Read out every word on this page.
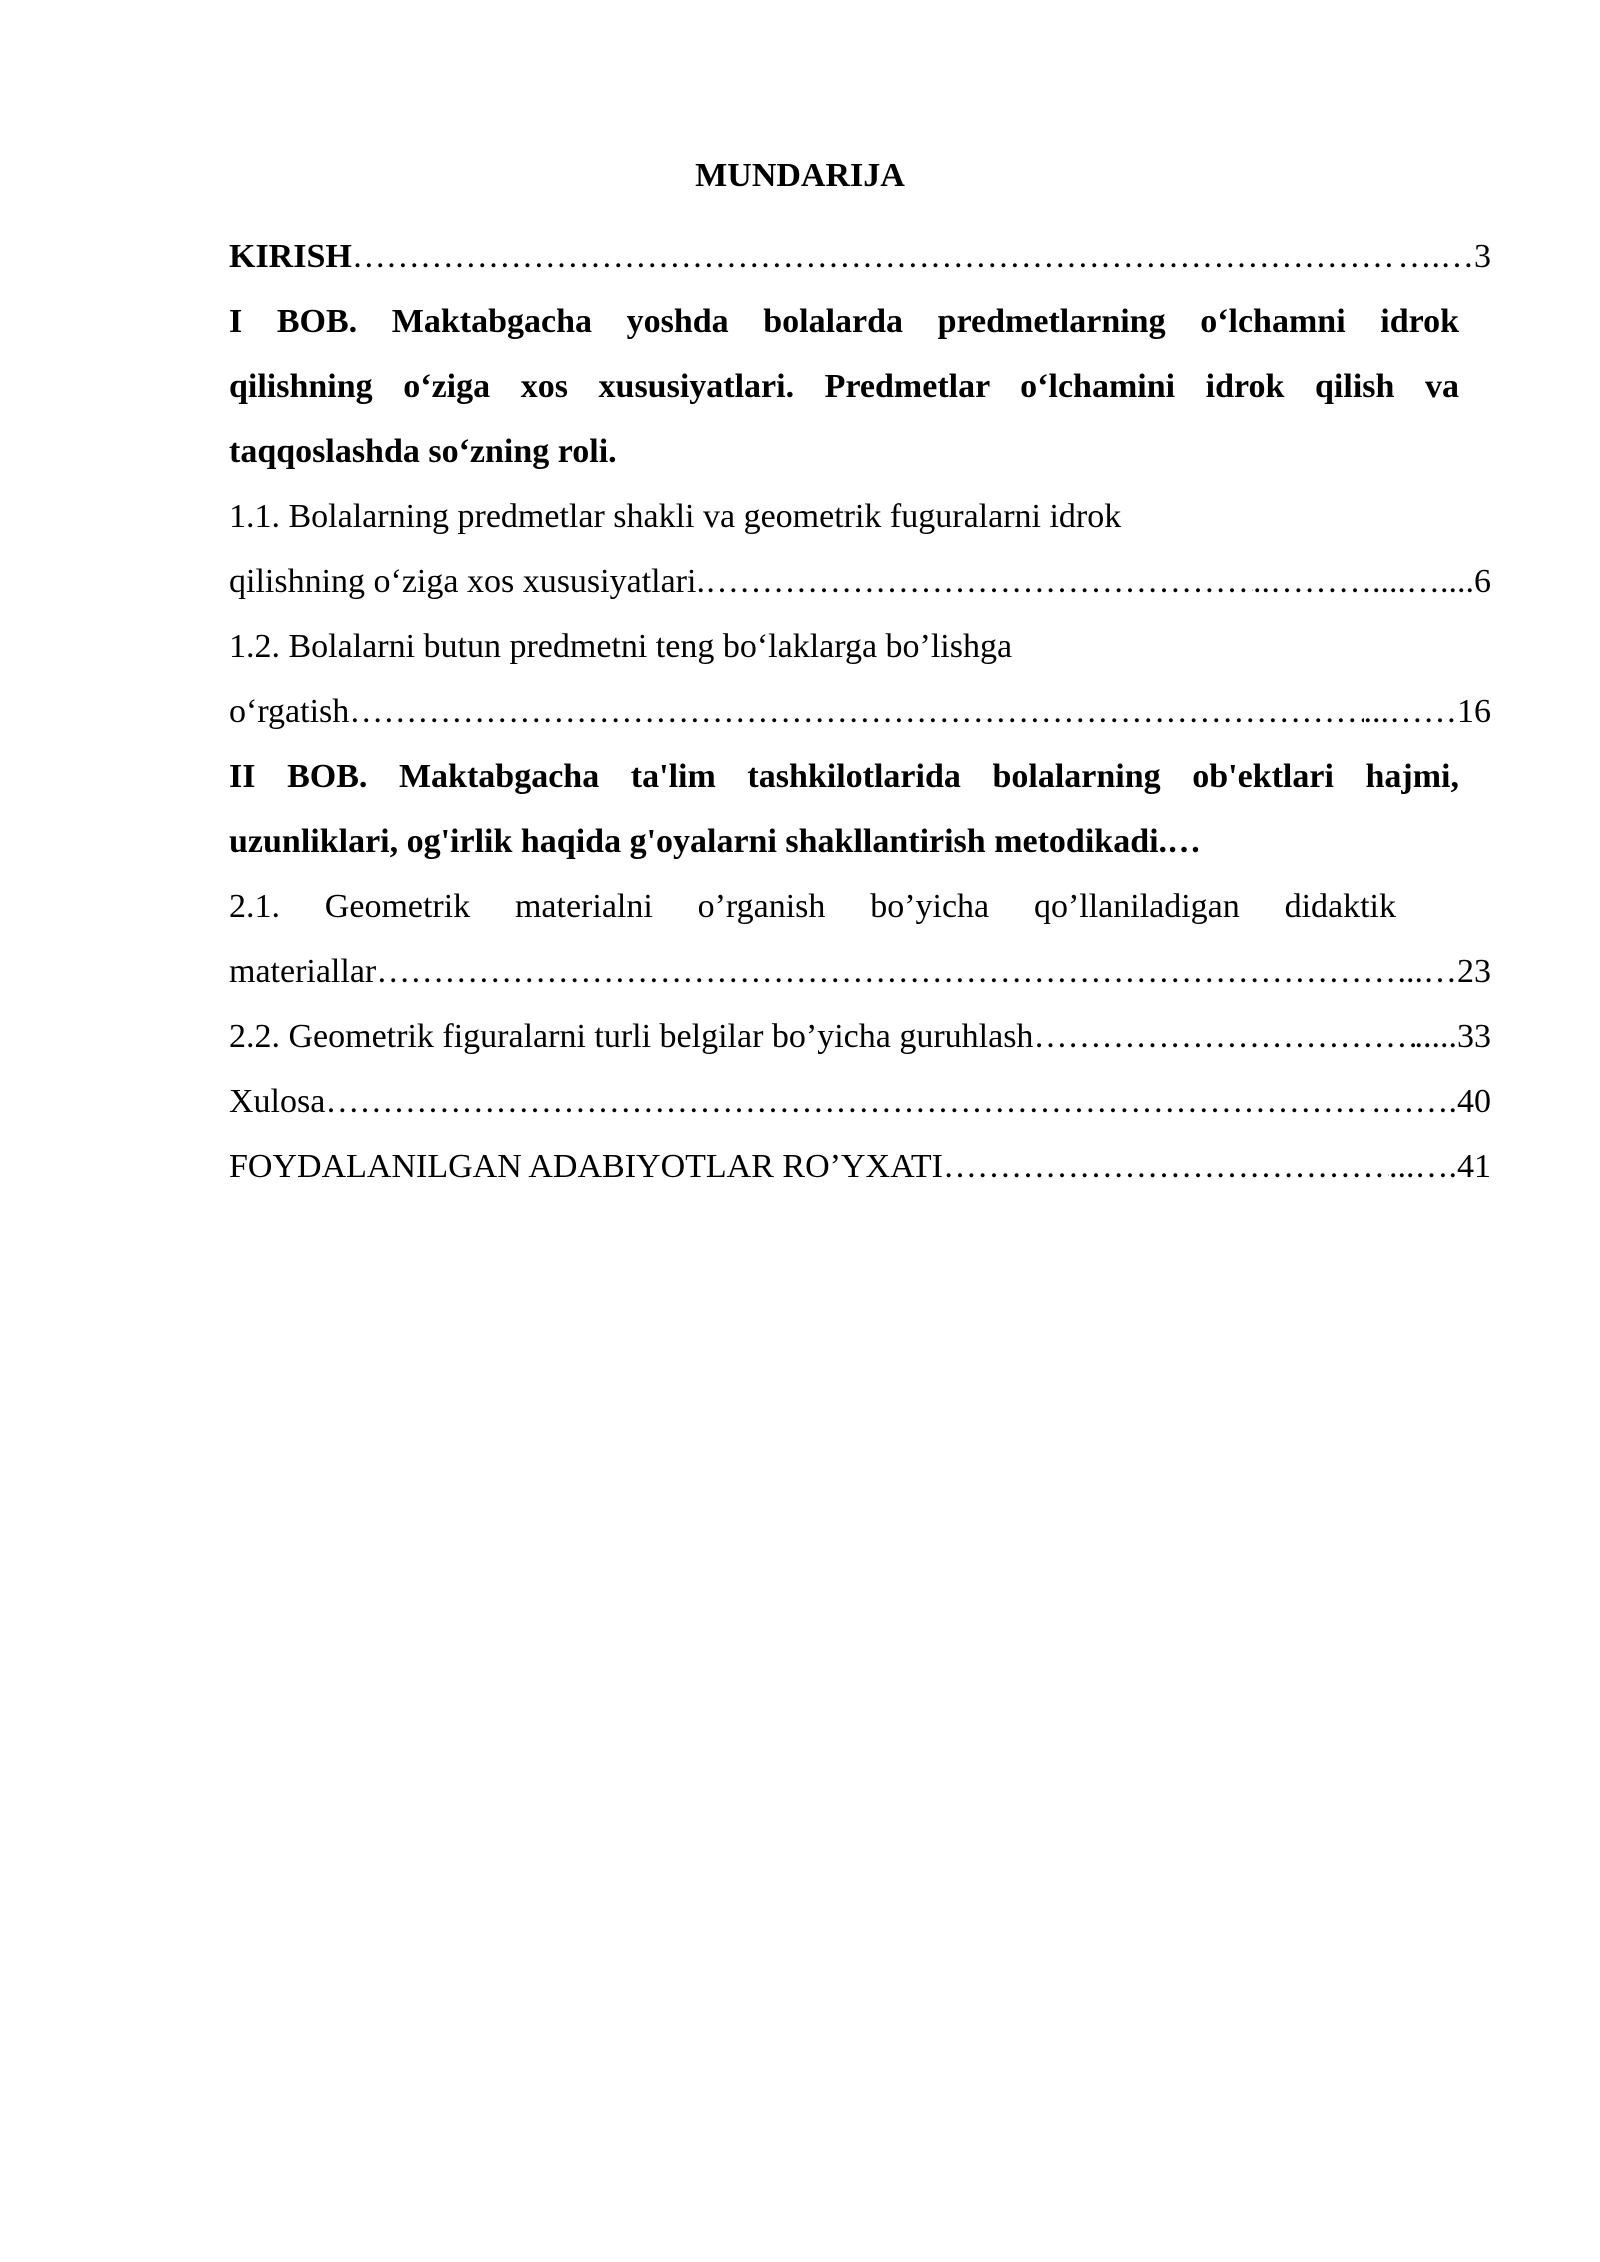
MUNDARIJA
KIRISH …………………………………………………………………………………………………………………………………………………………………………………………………	….…3
I BOB. Maktabgacha yoshda bolalarda predmetlarning o‘lchamni idrok
qilishning o‘ziga xos xususiyatlari. Predmetlar o‘lchamini idrok qilish va
taqqoslashda so‘zning roli.
1.1. Bolalarning predmetlar shakli va geometrik fuguralarni idrok
qilishning o‘ziga xos xususiyatlari. …………………………………………………………………………………………………………………………………………………………………………………………………	..………....…....6
1.2. Bolalarni butun predmetni teng bo‘laklarga bo’lishga
o‘rgatish …………………………………………………………………………………………………………………………………………………………………………………………………	...……16
II BOB. Maktabgacha ta'lim tashkilotlarida bolalarning ob'ektlari hajmi,
uzunliklari, og'irlik haqida g'oyalarni shakllantirish metodikadi.…
2.1. Geometrik materialni o’rganish bo’yicha qo’llaniladigan didaktik
materiallar …………………………………………………………………………………………………………………………………………………………………………………………………	...…23
2.2. Geometrik figuralarni turli belgilar bo’yicha guruhlash …………………………………………………………………………………………………………………………………………………………………………………………………	.....33
Xulosa …………………………………………………………………………………………………………………………………………………………………………………………………	.…….40
FOYDALANILGAN ADABIYOTLAR RO’YXATI …………………………………………………………………………………………………………………………………………………………………………………………………	...….41
